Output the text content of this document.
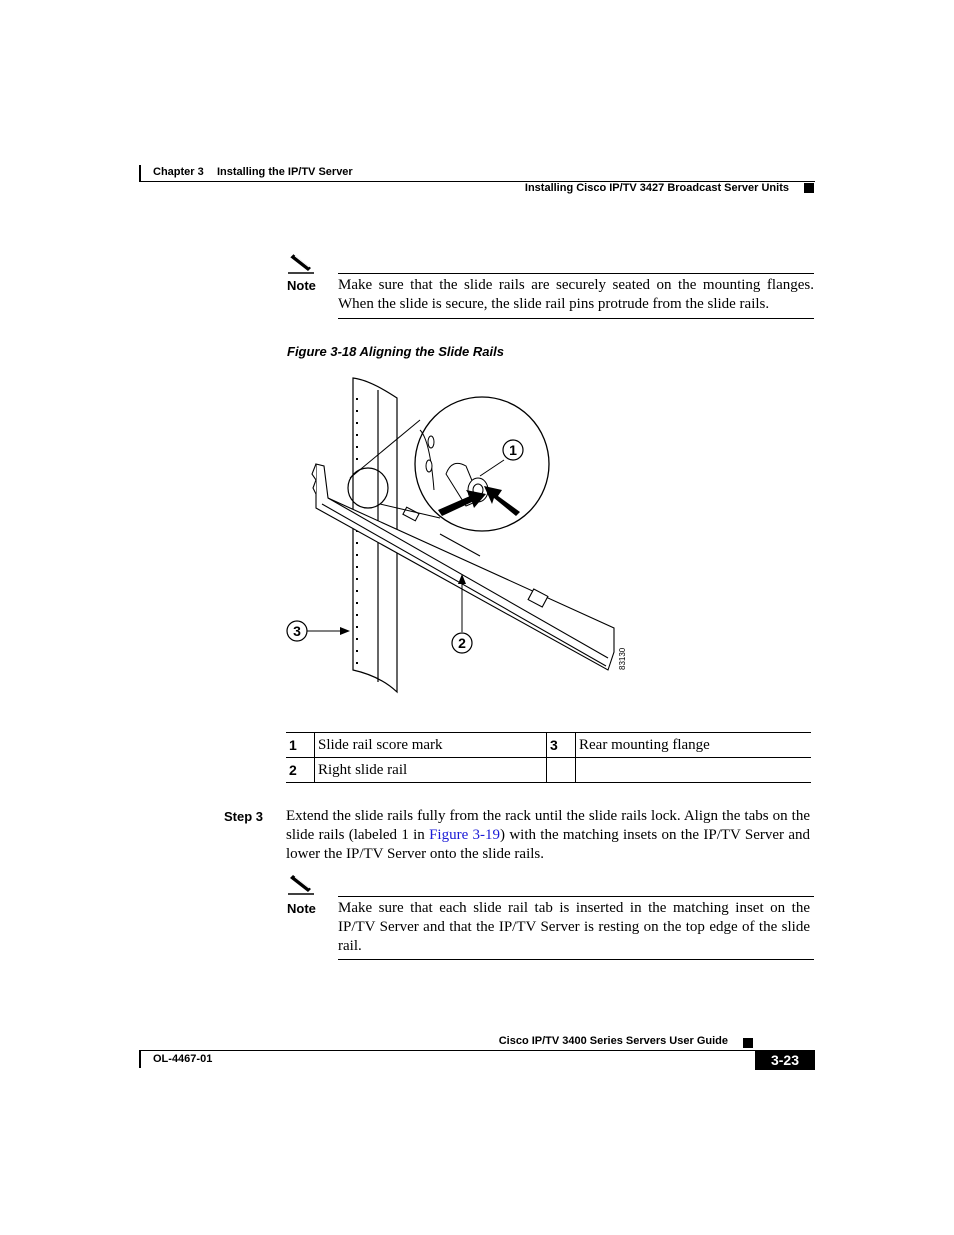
Chapter 3 Installing the IP/TV Server
Installing Cisco IP/TV 3427 Broadcast Server Units
Note Make sure that the slide rails are securely seated on the mounting flanges. When the slide is secure, the slide rail pins protrude from the slide rails.
Figure 3-18 Aligning the Slide Rails
1
2
3
83130
1	Slide rail score mark	3	Rear mounting flange
2	Right slide rail		
Step 3 Extend the slide rails fully from the rack until the slide rails lock. Align the tabs on the slide rails (labeled 1 in Figure 3-19) with the matching insets on the IP/TV Server and lower the IP/TV Server onto the slide rails.
Note Make sure that each slide rail tab is inserted in the matching inset on the IP/TV Server and that the IP/TV Server is resting on the top edge of the slide rail.
Cisco IP/TV 3400 Series Servers User Guide
OL-4467-01	3-23
